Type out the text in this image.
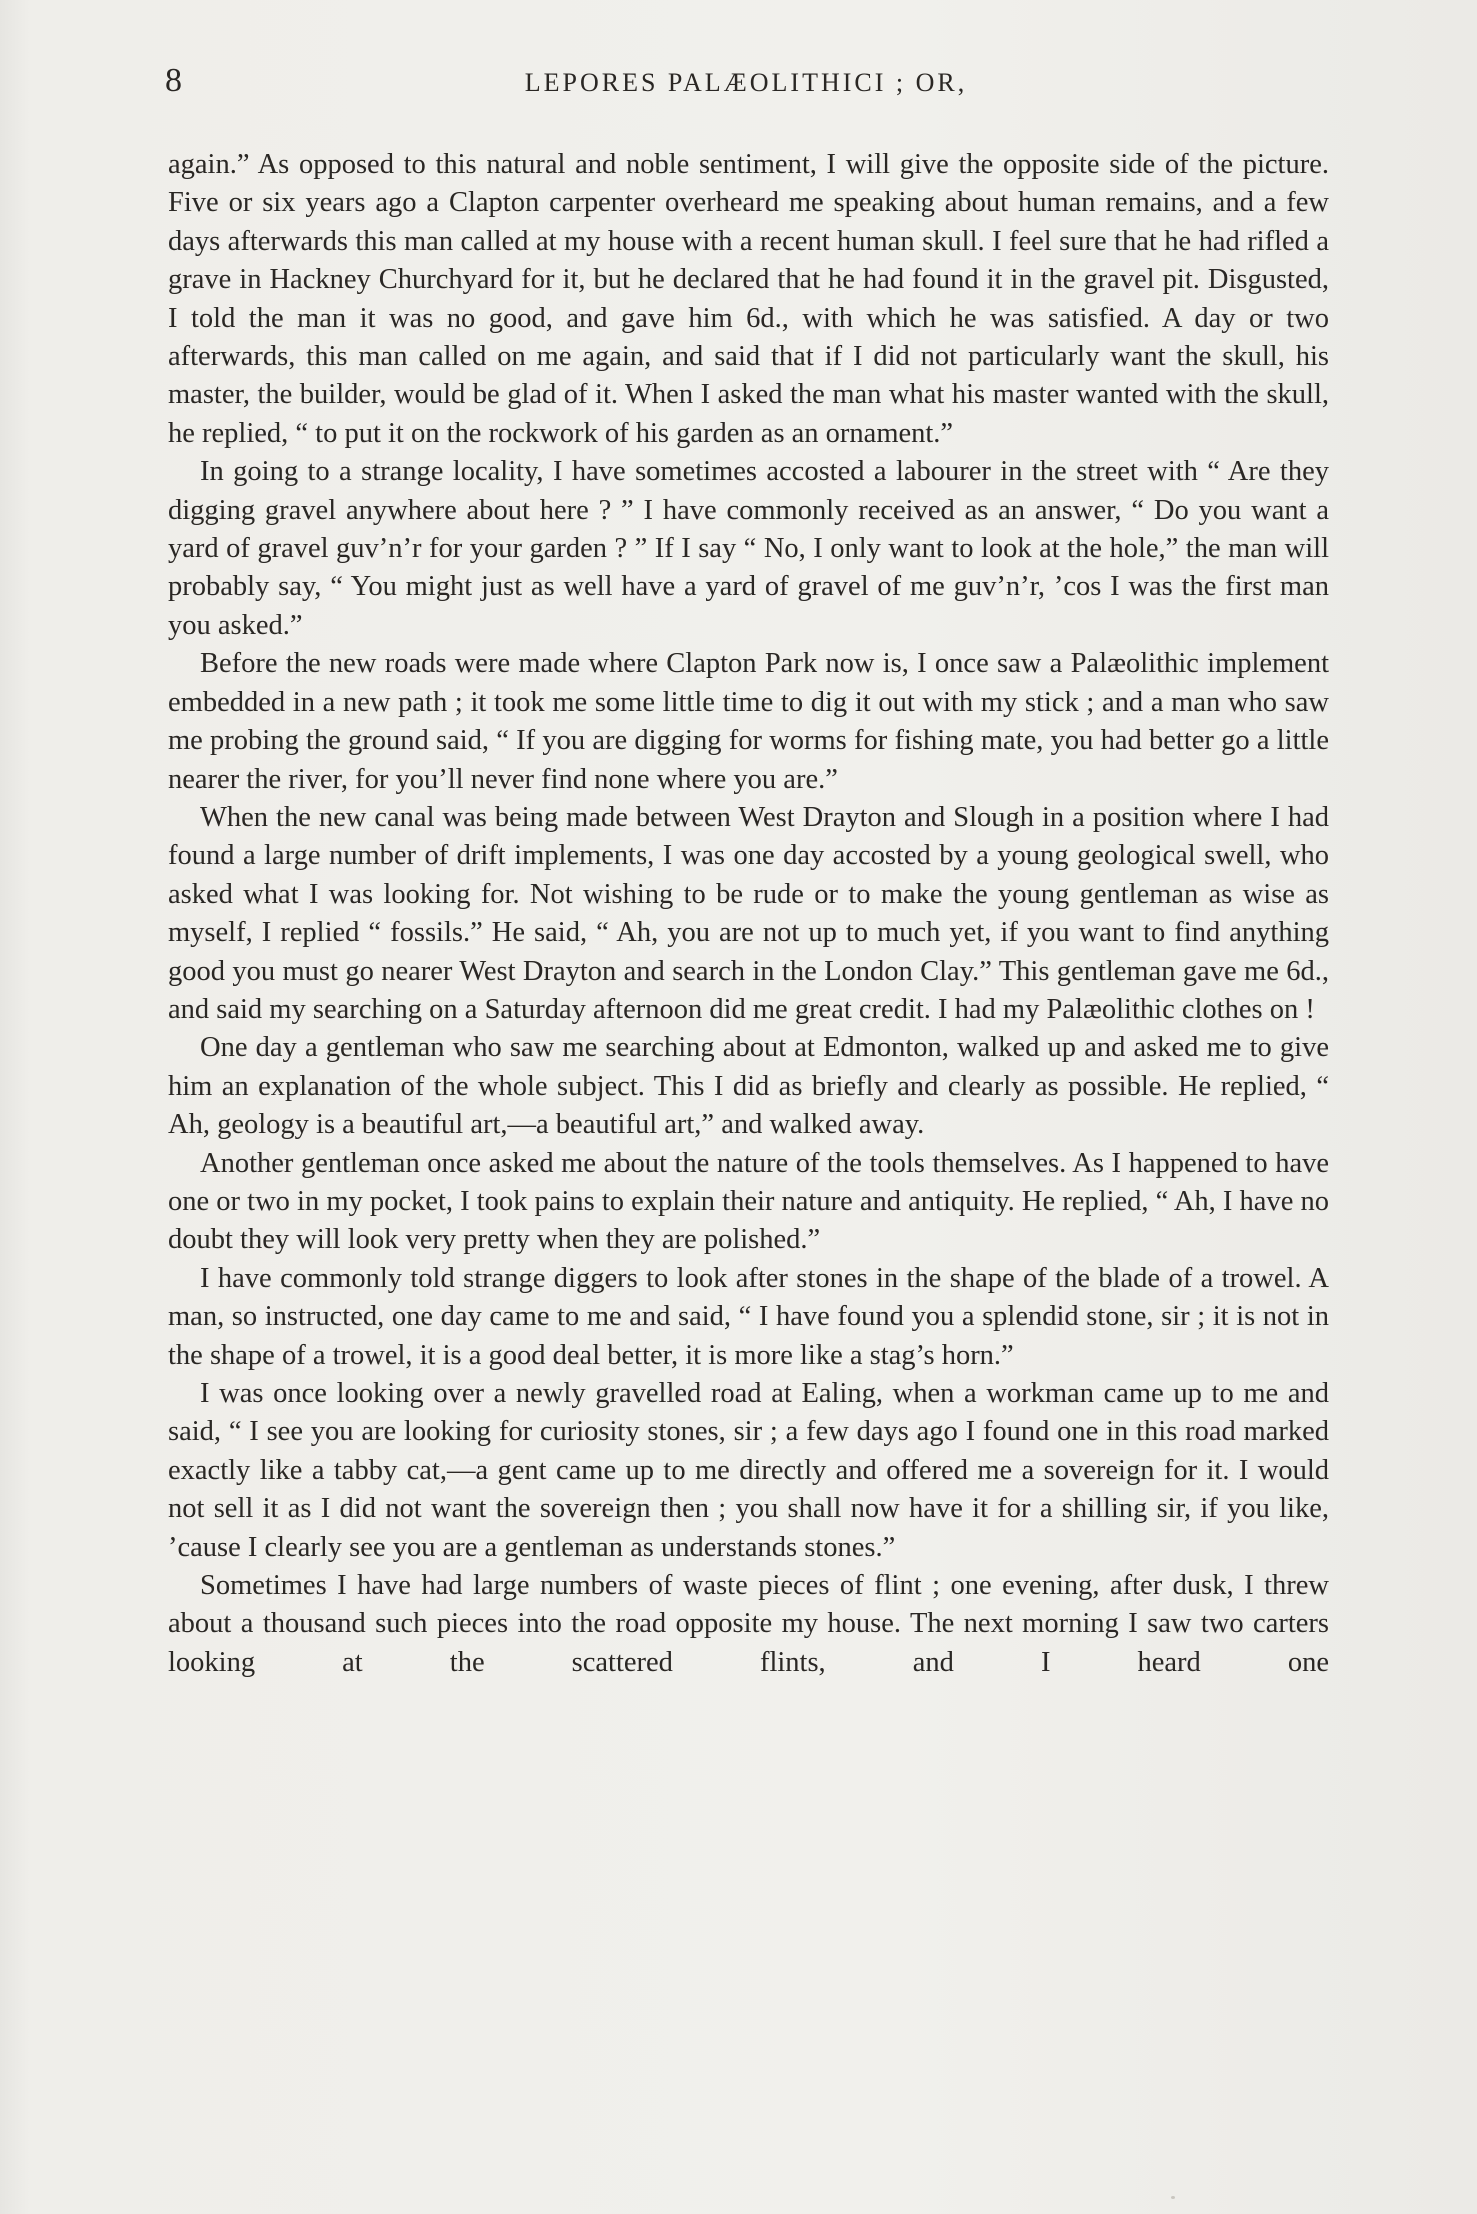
8	LEPORES PALÆOLITHICI ; OR,

again.” As opposed to this natural and noble sentiment, I will give the opposite side of the picture. Five or six years ago a Clapton carpenter overheard me speaking about human remains, and a few days afterwards this man called at my house with a recent human skull. I feel sure that he had rifled a grave in Hackney Churchyard for it, but he declared that he had found it in the gravel pit. Disgusted, I told the man it was no good, and gave him 6d., with which he was satisfied. A day or two afterwards, this man called on me again, and said that if I did not particularly want the skull, his master, the builder, would be glad of it. When I asked the man what his master wanted with the skull, he replied, “ to put it on the rockwork of his garden as an ornament.”

In going to a strange locality, I have sometimes accosted a labourer in the street with “ Are they digging gravel anywhere about here ? ” I have commonly received as an answer, “ Do you want a yard of gravel guv’n’r for your garden ? ” If I say “ No, I only want to look at the hole,” the man will probably say, “ You might just as well have a yard of gravel of me guv’n’r, ’cos I was the first man you asked.”

Before the new roads were made where Clapton Park now is, I once saw a Palæolithic implement embedded in a new path ; it took me some little time to dig it out with my stick ; and a man who saw me probing the ground said, “ If you are digging for worms for fishing mate, you had better go a little nearer the river, for you’ll never find none where you are.”

When the new canal was being made between West Drayton and Slough in a position where I had found a large number of drift implements, I was one day accosted by a young geological swell, who asked what I was looking for. Not wishing to be rude or to make the young gentleman as wise as myself, I replied “ fossils.” He said, “ Ah, you are not up to much yet, if you want to find anything good you must go nearer West Drayton and search in the London Clay.” This gentleman gave me 6d., and said my searching on a Saturday afternoon did me great credit. I had my Palæolithic clothes on !

One day a gentleman who saw me searching about at Edmonton, walked up and asked me to give him an explanation of the whole subject. This I did as briefly and clearly as possible. He replied, “ Ah, geology is a beautiful art,—a beautiful art,” and walked away.

Another gentleman once asked me about the nature of the tools themselves. As I happened to have one or two in my pocket, I took pains to explain their nature and antiquity. He replied, “ Ah, I have no doubt they will look very pretty when they are polished.”

I have commonly told strange diggers to look after stones in the shape of the blade of a trowel. A man, so instructed, one day came to me and said, “ I have found you a splendid stone, sir ; it is not in the shape of a trowel, it is a good deal better, it is more like a stag’s horn.”

I was once looking over a newly gravelled road at Ealing, when a workman came up to me and said, “ I see you are looking for curiosity stones, sir ; a few days ago I found one in this road marked exactly like a tabby cat,—a gent came up to me directly and offered me a sovereign for it. I would not sell it as I did not want the sovereign then ; you shall now have it for a shilling sir, if you like, ’cause I clearly see you are a gentleman as understands stones.”

Sometimes I have had large numbers of waste pieces of flint ; one evening, after dusk, I threw about a thousand such pieces into the road opposite my house. The next morning I saw two carters looking at the scattered flints, and I heard one
